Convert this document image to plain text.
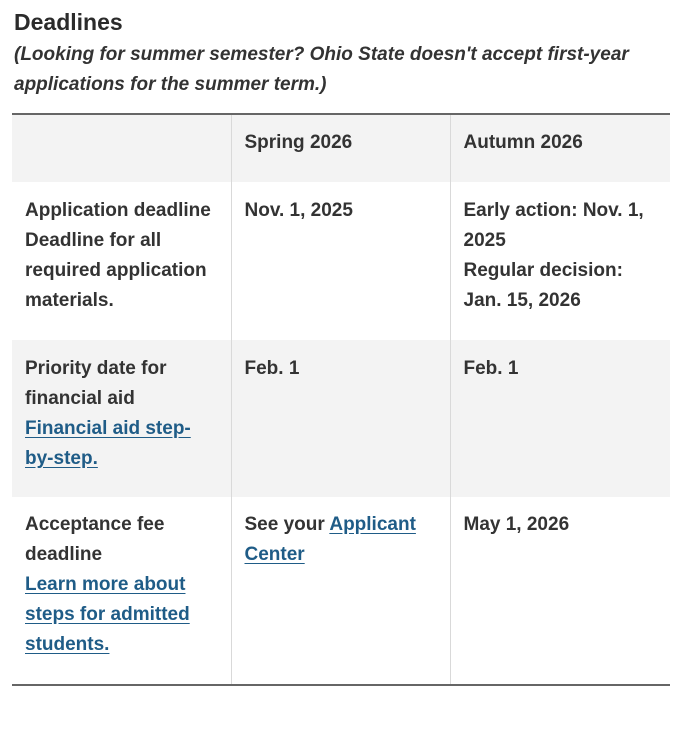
Deadlines

(Looking for summer semester? Ohio State doesn't accept first-year applications for the summer term.)

	Spring 2026	Autumn 2026

Application deadline
Deadline for all required application materials.	Nov. 1, 2025	Early action: Nov. 1, 2025
Regular decision: Jan. 15, 2026

Priority date for financial aid
Financial aid step-by-step.	Feb. 1	Feb. 1

Acceptance fee deadline
Learn more about steps for admitted students.	See your Applicant Center	May 1, 2026
